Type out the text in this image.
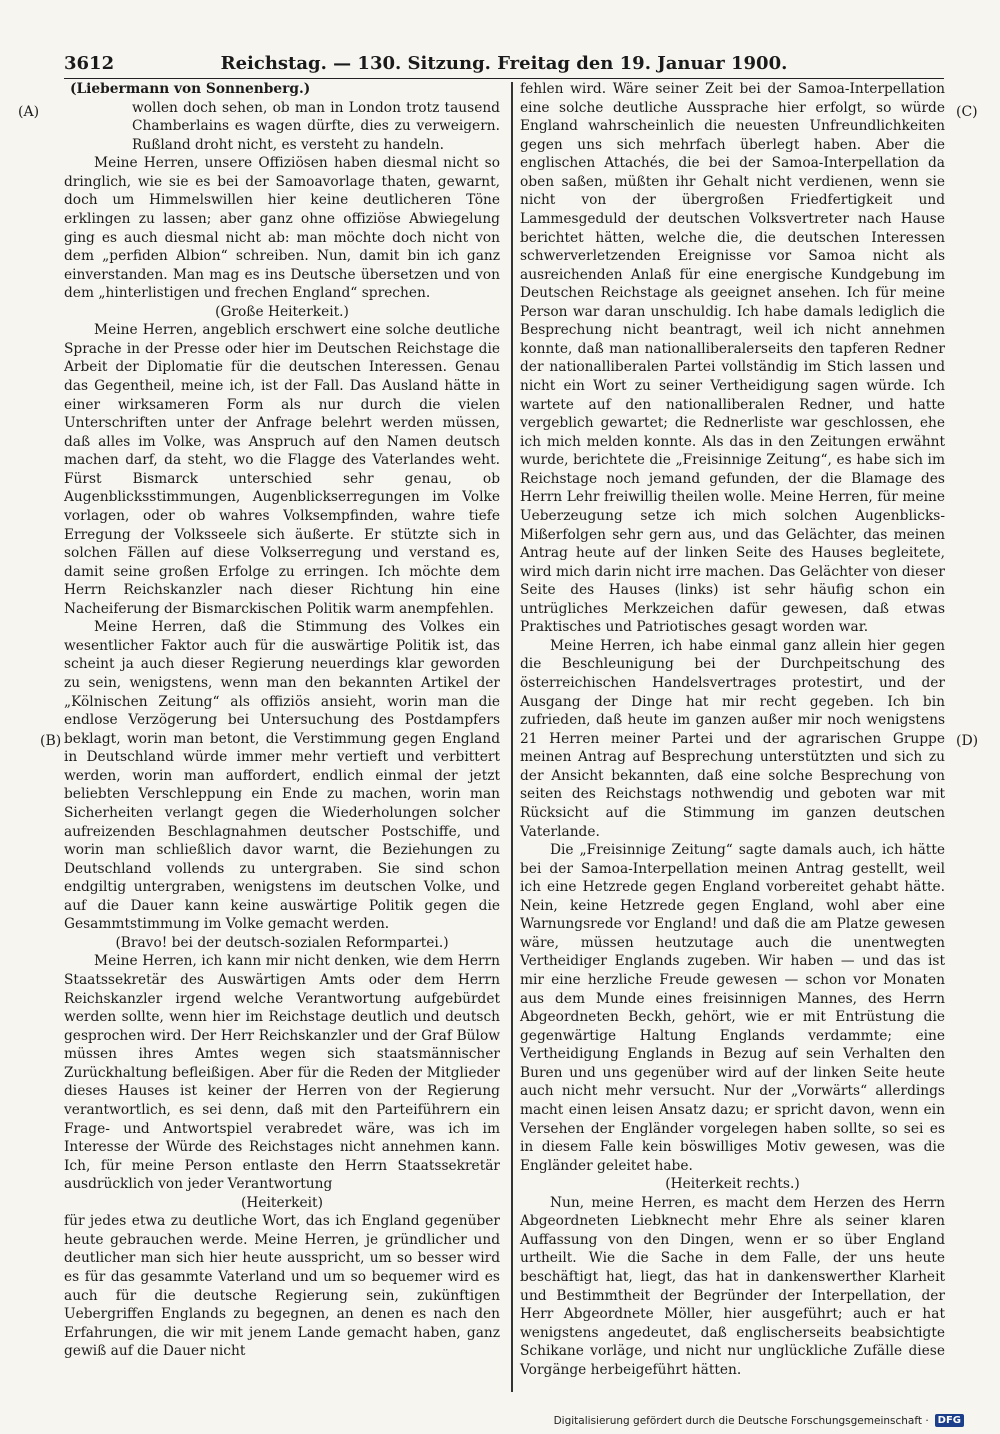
3612	Reichstag. — 130. Sitzung. Freitag den 19. Januar 1900.
(A)
(B)
(C)
(D)

(Liebermann von Sonnenberg.)

wollen doch sehen, ob man in London trotz tausend Chamberlains es wagen dürfte, dies zu verweigern. Rußland droht nicht, es versteht zu handeln.

Meine Herren, unsere Offiziösen haben diesmal nicht so dringlich, wie sie es bei der Samoavorlage thaten, gewarnt, doch um Himmelswillen hier keine deutlicheren Töne erklingen zu lassen; aber ganz ohne offiziöse Abwiegelung ging es auch diesmal nicht ab: man möchte doch nicht von dem „perfiden Albion“ schreiben. Nun, damit bin ich ganz einverstanden. Man mag es ins Deutsche übersetzen und von dem „hinterlistigen und frechen England“ sprechen.

(Große Heiterkeit.)

Meine Herren, angeblich erschwert eine solche deutliche Sprache in der Presse oder hier im Deutschen Reichstage die Arbeit der Diplomatie für die deutschen Interessen. Genau das Gegentheil, meine ich, ist der Fall. Das Ausland hätte in einer wirksameren Form als nur durch die vielen Unterschriften unter der Anfrage belehrt werden müssen, daß alles im Volke, was Anspruch auf den Namen deutsch machen darf, da steht, wo die Flagge des Vaterlandes weht. Fürst Bismarck unterschied sehr genau, ob Augenblicksstimmungen, Augenblickserregungen im Volke vorlagen, oder ob wahres Volksempfinden, wahre tiefe Erregung der Volksseele sich äußerte. Er stützte sich in solchen Fällen auf diese Volkserregung und verstand es, damit seine großen Erfolge zu erringen. Ich möchte dem Herrn Reichskanzler nach dieser Richtung hin eine Nacheiferung der Bismarckischen Politik warm anempfehlen.

Meine Herren, daß die Stimmung des Volkes ein wesentlicher Faktor auch für die auswärtige Politik ist, das scheint ja auch dieser Regierung neuerdings klar geworden zu sein, wenigstens, wenn man den bekannten Artikel der „Kölnischen Zeitung“ als offiziös ansieht, worin man die endlose Verzögerung bei Untersuchung des Postdampfers beklagt, worin man betont, die Verstimmung gegen England in Deutschland würde immer mehr vertieft und verbittert werden, worin man auffordert, endlich einmal der jetzt beliebten Verschleppung ein Ende zu machen, worin man Sicherheiten verlangt gegen die Wiederholungen solcher aufreizenden Beschlagnahmen deutscher Postschiffe, und worin man schließlich davor warnt, die Beziehungen zu Deutschland vollends zu untergraben. Sie sind schon endgiltig untergraben, wenigstens im deutschen Volke, und auf die Dauer kann keine auswärtige Politik gegen die Gesammtstimmung im Volke gemacht werden.

(Bravo! bei der deutsch-sozialen Reformpartei.)

Meine Herren, ich kann mir nicht denken, wie dem Herrn Staatssekretär des Auswärtigen Amts oder dem Herrn Reichskanzler irgend welche Verantwortung aufgebürdet werden sollte, wenn hier im Reichstage deutlich und deutsch gesprochen wird. Der Herr Reichskanzler und der Graf Bülow müssen ihres Amtes wegen sich staatsmännischer Zurückhaltung befleißigen. Aber für die Reden der Mitglieder dieses Hauses ist keiner der Herren von der Regierung verantwortlich, es sei denn, daß mit den Parteiführern ein Frage- und Antwortspiel verabredet wäre, was ich im Interesse der Würde des Reichstages nicht annehmen kann. Ich, für meine Person entlaste den Herrn Staatssekretär ausdrücklich von jeder Verantwortung

(Heiterkeit)

für jedes etwa zu deutliche Wort, das ich England gegenüber heute gebrauchen werde. Meine Herren, je gründlicher und deutlicher man sich hier heute ausspricht, um so besser wird es für das gesammte Vaterland und um so bequemer wird es auch für die deutsche Regierung sein, zukünftigen Uebergriffen Englands zu begegnen, an denen es nach den Erfahrungen, die wir mit jenem Lande gemacht haben, ganz gewiß auf die Dauer nicht

fehlen wird. Wäre seiner Zeit bei der Samoa-Interpellation eine solche deutliche Aussprache hier erfolgt, so würde England wahrscheinlich die neuesten Unfreundlichkeiten gegen uns sich mehrfach überlegt haben. Aber die englischen Attachés, die bei der Samoa-Interpellation da oben saßen, müßten ihr Gehalt nicht verdienen, wenn sie nicht von der übergroßen Friedfertigkeit und Lammesgeduld der deutschen Volksvertreter nach Hause berichtet hätten, welche die, die deutschen Interessen schwerverletzenden Ereignisse vor Samoa nicht als ausreichenden Anlaß für eine energische Kundgebung im Deutschen Reichstage als geeignet ansehen. Ich für meine Person war daran unschuldig. Ich habe damals lediglich die Besprechung nicht beantragt, weil ich nicht annehmen konnte, daß man nationalliberalerseits den tapferen Redner der nationalliberalen Partei vollständig im Stich lassen und nicht ein Wort zu seiner Vertheidigung sagen würde. Ich wartete auf den nationalliberalen Redner, und hatte vergeblich gewartet; die Rednerliste war geschlossen, ehe ich mich melden konnte. Als das in den Zeitungen erwähnt wurde, berichtete die „Freisinnige Zeitung“, es habe sich im Reichstage noch jemand gefunden, der die Blamage des Herrn Lehr freiwillig theilen wolle. Meine Herren, für meine Ueberzeugung setze ich mich solchen Augenblicks-Mißerfolgen sehr gern aus, und das Gelächter, das meinen Antrag heute auf der linken Seite des Hauses begleitete, wird mich darin nicht irre machen. Das Gelächter von dieser Seite des Hauses (links) ist sehr häufig schon ein untrügliches Merkzeichen dafür gewesen, daß etwas Praktisches und Patriotisches gesagt worden war.

Meine Herren, ich habe einmal ganz allein hier gegen die Beschleunigung bei der Durchpeitschung des österreichischen Handelsvertrages protestirt, und der Ausgang der Dinge hat mir recht gegeben. Ich bin zufrieden, daß heute im ganzen außer mir noch wenigstens 21 Herren meiner Partei und der agrarischen Gruppe meinen Antrag auf Besprechung unterstützten und sich zu der Ansicht bekannten, daß eine solche Besprechung von seiten des Reichstags nothwendig und geboten war mit Rücksicht auf die Stimmung im ganzen deutschen Vaterlande.

Die „Freisinnige Zeitung“ sagte damals auch, ich hätte bei der Samoa-Interpellation meinen Antrag gestellt, weil ich eine Hetzrede gegen England vorbereitet gehabt hätte. Nein, keine Hetzrede gegen England, wohl aber eine Warnungsrede vor England! und daß die am Platze gewesen wäre, müssen heutzutage auch die unentwegten Vertheidiger Englands zugeben. Wir haben — und das ist mir eine herzliche Freude gewesen — schon vor Monaten aus dem Munde eines freisinnigen Mannes, des Herrn Abgeordneten Beckh, gehört, wie er mit Entrüstung die gegenwärtige Haltung Englands verdammte; eine Vertheidigung Englands in Bezug auf sein Verhalten den Buren und uns gegenüber wird auf der linken Seite heute auch nicht mehr versucht. Nur der „Vorwärts“ allerdings macht einen leisen Ansatz dazu; er spricht davon, wenn ein Versehen der Engländer vorgelegen haben sollte, so sei es in diesem Falle kein böswilliges Motiv gewesen, was die Engländer geleitet habe.

(Heiterkeit rechts.)

Nun, meine Herren, es macht dem Herzen des Herrn Abgeordneten Liebknecht mehr Ehre als seiner klaren Auffassung von den Dingen, wenn er so über England urtheilt. Wie die Sache in dem Falle, der uns heute beschäftigt hat, liegt, das hat in dankenswerther Klarheit und Bestimmtheit der Begründer der Interpellation, der Herr Abgeordnete Möller, hier ausgeführt; auch er hat wenigstens angedeutet, daß englischerseits beabsichtigte Schikane vorläge, und nicht nur unglückliche Zufälle diese Vorgänge herbeigeführt hätten.

Digitalisierung gefördert durch die Deutsche Forschungsgemeinschaft · DFG
